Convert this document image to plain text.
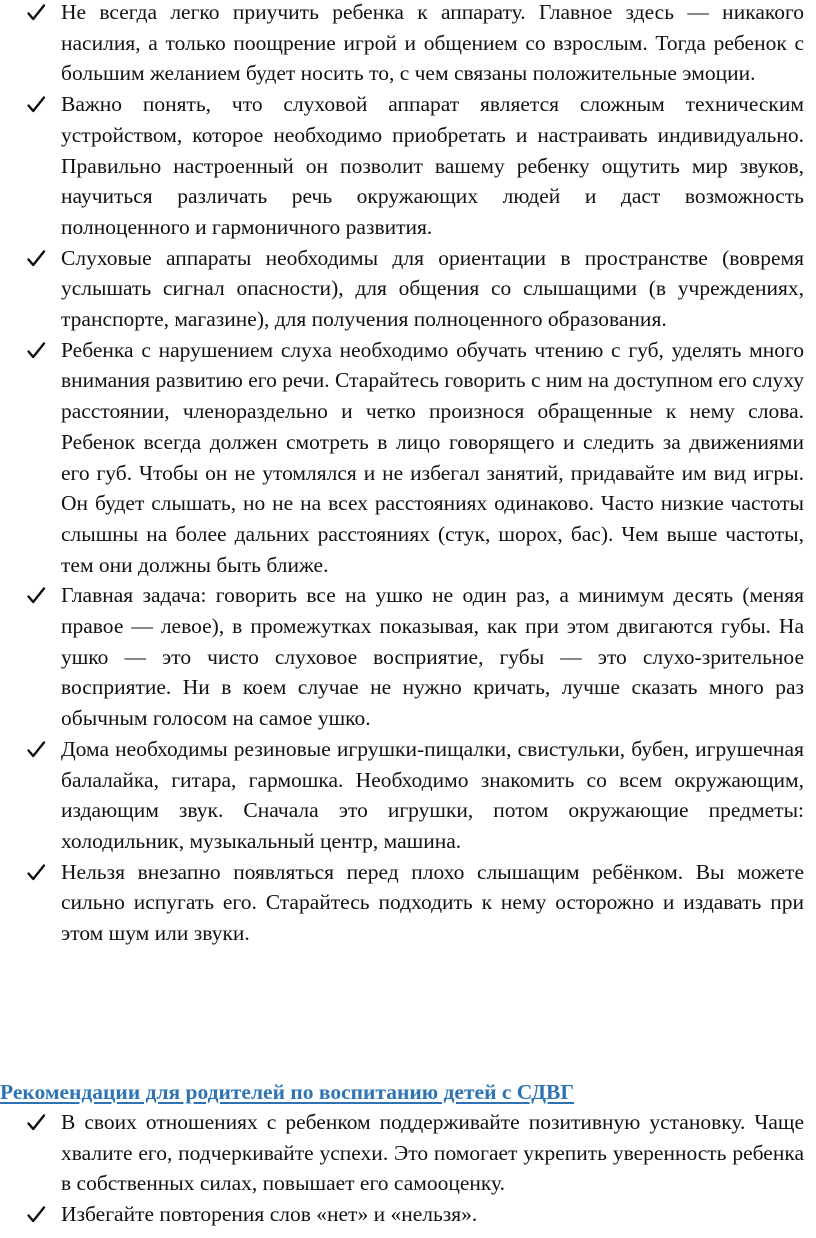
Не всегда легко приучить ребенка к аппарату. Главное здесь — никакого насилия, а только поощрение игрой и общением со взрослым. Тогда ребенок с большим желанием будет носить то, с чем связаны положительные эмоции.
Важно понять, что слуховой аппарат является сложным техническим устройством, которое необходимо приобретать и настраивать индивидуально. Правильно настроенный он позволит вашему ребенку ощутить мир звуков, научиться различать речь окружающих людей и даст возможность полноценного и гармоничного развития.
Слуховые аппараты необходимы для ориентации в пространстве (вовремя услышать сигнал опасности), для общения со слышащими (в учреждениях, транспорте, магазине), для получения полноценного образования.
Ребенка с нарушением слуха необходимо обучать чтению с губ, уделять много внимания развитию его речи. Старайтесь говорить с ним на доступном его слуху расстоянии, членораздельно и четко произнося обращенные к нему слова. Ребенок всегда должен смотреть в лицо говорящего и следить за движениями его губ. Чтобы он не утомлялся и не избегал занятий, придавайте им вид игры. Он будет слышать, но не на всех расстояниях одинаково. Часто низкие частоты слышны на более дальних расстояниях (стук, шорох, бас). Чем выше частоты, тем они должны быть ближе.
Главная задача: говорить все на ушко не один раз, а минимум десять (меняя правое — левое), в промежутках показывая, как при этом двигаются губы. На ушко — это чисто слуховое восприятие, губы — это слухо-зрительное восприятие. Ни в коем случае не нужно кричать, лучше сказать много раз обычным голосом на самое ушко.
Дома необходимы резиновые игрушки-пищалки, свистульки, бубен, игрушечная балалайка, гитара, гармошка. Необходимо знакомить со всем окружающим, издающим звук. Сначала это игрушки, потом окружающие предметы: холодильник, музыкальный центр, машина.
Нельзя внезапно появляться перед плохо слышащим ребёнком. Вы можете сильно испугать его. Старайтесь подходить к нему осторожно и издавать при этом шум или звуки.
Рекомендации для родителей по воспитанию детей с СДВГ
В своих отношениях с ребенком поддерживайте позитивную установку. Чаще хвалите его, подчеркивайте успехи. Это помогает укрепить уверенность ребенка в собственных силах, повышает его самооценку.
Избегайте повторения слов «нет» и «нельзя».
